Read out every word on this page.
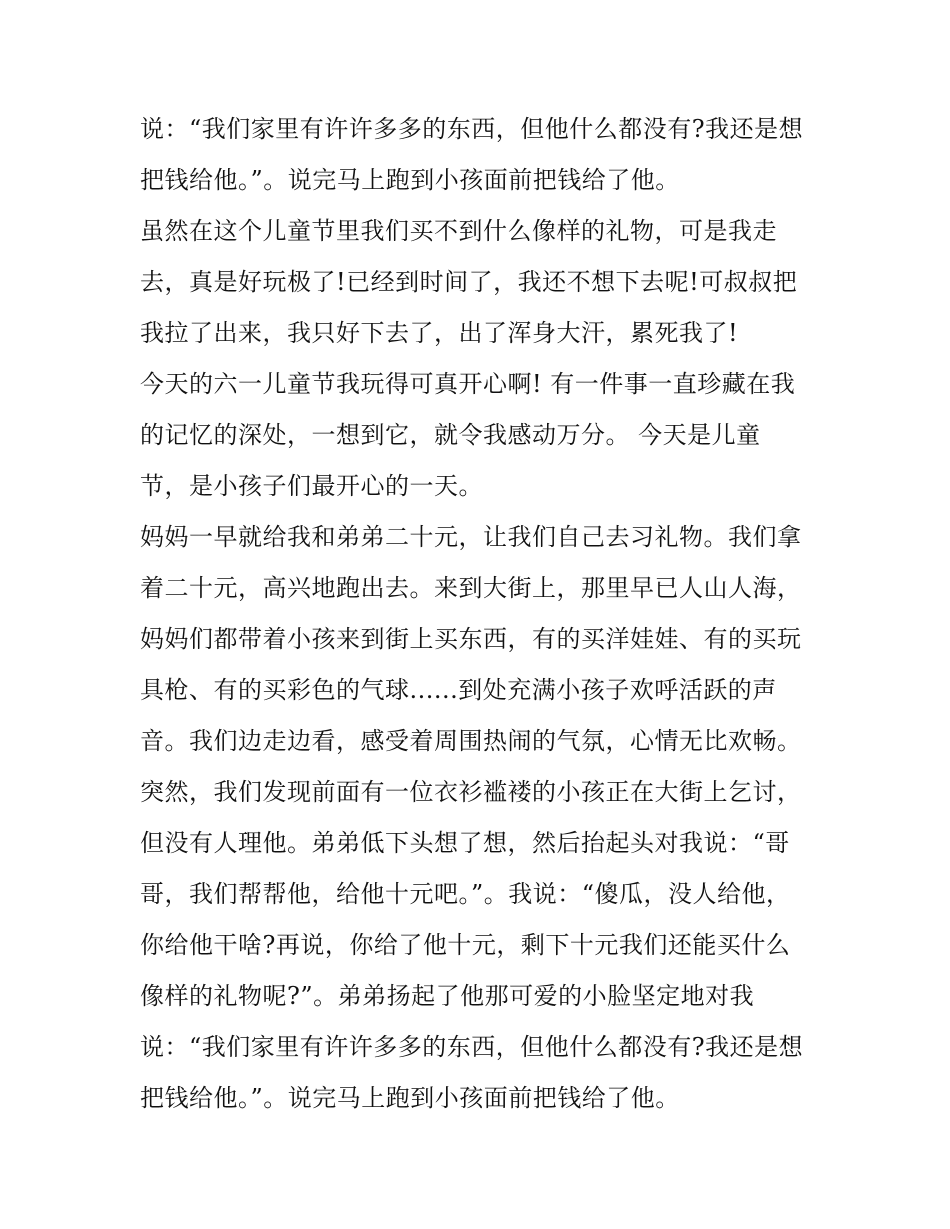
说：“我们家里有许许多多的东西，但他什么都没有?我还是想
把钱给他。”。说完马上跑到小孩面前把钱给了他。
虽然在这个儿童节里我们买不到什么像样的礼物，可是我走
去，真是好玩极了!已经到时间了，我还不想下去呢!可叔叔把
我拉了出来，我只好下去了，出了浑身大汗，累死我了!
今天的六一儿童节我玩得可真开心啊! 有一件事一直珍藏在我
的记忆的深处，一想到它，就令我感动万分。 今天是儿童
节，是小孩子们最开心的一天。
妈妈一早就给我和弟弟二十元，让我们自己去习礼物。我们拿
着二十元，高兴地跑出去。来到大街上，那里早已人山人海，
妈妈们都带着小孩来到街上买东西，有的买洋娃娃、有的买玩
具枪、有的买彩色的气球......到处充满小孩子欢呼活跃的声
音。我们边走边看，感受着周围热闹的气氛，心情无比欢畅。
突然，我们发现前面有一位衣衫褴褛的小孩正在大街上乞讨，
但没有人理他。弟弟低下头想了想，然后抬起头对我说：“哥
哥，我们帮帮他，给他十元吧。”。我说：“傻瓜，没人给他，
你给他干啥?再说，你给了他十元，剩下十元我们还能买什么
像样的礼物呢?”。弟弟扬起了他那可爱的小脸坚定地对我
说：“我们家里有许许多多的东西，但他什么都没有?我还是想
把钱给他。”。说完马上跑到小孩面前把钱给了他。
